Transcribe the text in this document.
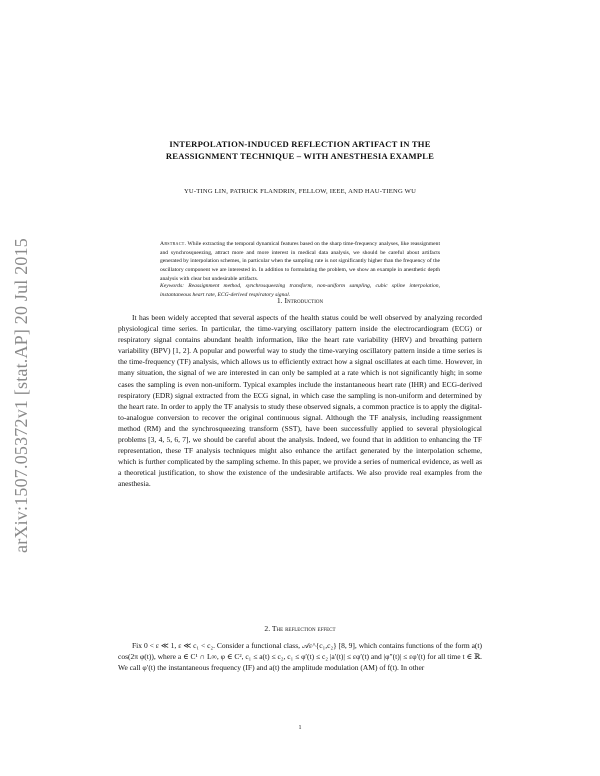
arXiv:1507.05372v1 [stat.AP] 20 Jul 2015
INTERPOLATION-INDUCED REFLECTION ARTIFACT IN THE
REASSIGNMENT TECHNIQUE – WITH ANESTHESIA EXAMPLE
YU-TING LIN, PATRICK FLANDRIN, FELLOW, IEEE, AND HAU-TIENG WU
Abstract. While extracting the temporal dynamical features based on the sharp time-frequency analyses, like reassignment and synchrosqueezing, attract more and more interest in medical data analysis, we should be careful about artifacts generated by interpolation schemes, in particular when the sampling rate is not significantly higher than the frequency of the oscillatory component we are interested in. In addition to formulating the problem, we show an example in anesthetic depth analysis with clear but undesirable artifacts.
Keywords: Reassignment method, synchrosqueezing transform, non-uniform sampling, cubic spline interpolation, instantaneous heart rate, ECG-derived respiratory signal.
1. Introduction

It has been widely accepted that several aspects of the health status could be well observed by analyzing recorded physiological time series. In particular, the time-varying oscillatory pattern inside the electrocardiogram (ECG) or respiratory signal contains abundant health information, like the heart rate variability (HRV) and breathing pattern variability (BPV) [1, 2]. A popular and powerful way to study the time-varying oscillatory pattern inside a time series is the time-frequency (TF) analysis, which allows us to efficiently extract how a signal oscillates at each time. However, in many situation, the signal of we are interested in can only be sampled at a rate which is not significantly high; in some cases the sampling is even non-uniform. Typical examples include the instantaneous heart rate (IHR) and ECG-derived respiratory (EDR) signal extracted from the ECG signal, in which case the sampling is non-uniform and determined by the heart rate. In order to apply the TF analysis to study these observed signals, a common practice is to apply the digital-to-analogue conversion to recover the original continuous signal. Although the TF analysis, including reassignment method (RM) and the synchrosqueezing transform (SST), have been successfully applied to several physiological problems [3, 4, 5, 6, 7], we should be careful about the analysis. Indeed, we found that in addition to enhancing the TF representation, these TF analysis techniques might also enhance the artifact generated by the interpolation scheme, which is further complicated by the sampling scheme. In this paper, we provide a series of numerical evidence, as well as a theoretical justification, to show the existence of the undesirable artifacts. We also provide real examples from the anesthesia.

2. The reflection effect

Fix 0 < ε ≪ 1, ε ≪ c₁ < c₂. Consider a functional class, 𝒜ε^{c₁,c₂} [8, 9], which contains functions of the form a(t) cos(2π φ(t)), where a ∈ C¹ ∩ L∞, φ ∈ C², c₁ ≤ a(t) ≤ c₂, c₁ ≤ φ′(t) ≤ c₂ |a′(t)| ≤ εφ′(t) and |φ″(t)| ≤ εφ′(t) for all time t ∈ ℝ. We call φ′(t) the instantaneous frequency (IF) and a(t) the amplitude modulation (AM) of f(t). In other

1
